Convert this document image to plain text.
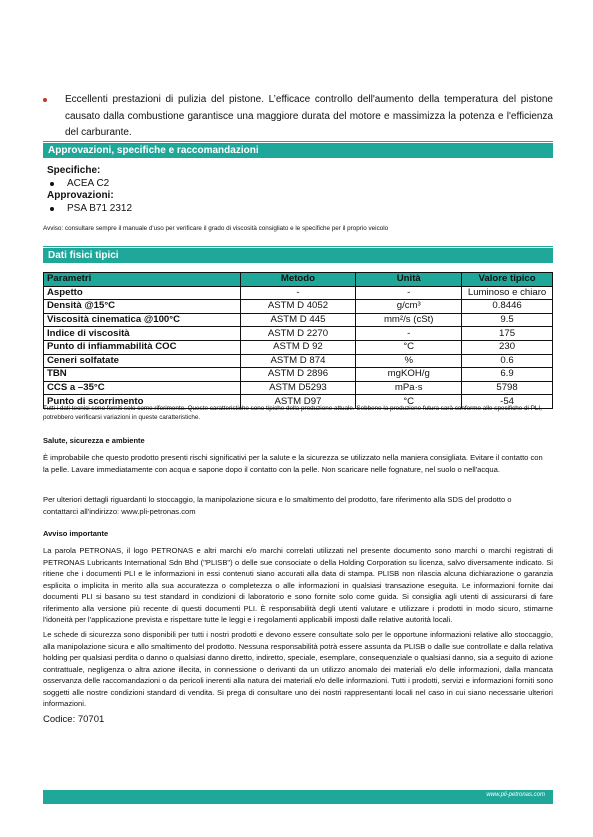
Eccellenti prestazioni di pulizia del pistone. L’efficace controllo dell'aumento della temperatura del pistone causato dalla combustione garantisce una maggiore durata del motore e massimizza la potenza e l'efficienza del carburante.
Approvazioni, specifiche e raccomandazioni
Specifiche:
ACEA C2
Approvazioni:
PSA B71 2312
Avviso: consultare sempre il manuale d'uso per verificare il grado di viscosità consigliato e le specifiche per il proprio veicolo
Dati fisici tipici
Parametri	Metodo	Unità	Valore tipico
Aspetto	-	-	Luminoso e chiaro
Densità @15°C	ASTM D 4052	g/cm³	0.8446
Viscosità cinematica @100°C	ASTM D 445	mm²/s (cSt)	9.5
Indice di viscosità	ASTM D 2270	-	175
Punto di infiammabilità COC	ASTM D 92	°C	230
Ceneri solfatate	ASTM D 874	%	0.6
TBN	ASTM D 2896	mgKOH/g	6.9
CCS a –35°C	ASTM D5293	mPa·s	5798
Punto di scorrimento	ASTM D97	°C	-54
Tutti i dati tecnici sono forniti solo come riferimento. Queste caratteristiche sono tipiche della produzione attuale. Sebbene la produzione futura sarà conforme alle specifiche di PLI, potrebbero verificarsi variazioni in queste caratteristiche.
Salute, sicurezza e ambiente
È improbabile che questo prodotto presenti rischi significativi per la salute e la sicurezza se utilizzato nella maniera consigliata. Evitare il contatto con la pelle. Lavare immediatamente con acqua e sapone dopo il contatto con la pelle. Non scaricare nelle fognature, nel suolo o nell'acqua.
Per ulteriori dettagli riguardanti lo stoccaggio, la manipolazione sicura e lo smaltimento del prodotto, fare riferimento alla SDS del prodotto o contattarci all'indirizzo: www.pli-petronas.com
Avviso importante
La parola PETRONAS, il logo PETRONAS e altri marchi e/o marchi correlati utilizzati nel presente documento sono marchi o marchi registrati di PETRONAS Lubricants International Sdn Bhd ("PLISB") o delle sue consociate o della Holding Corporation su licenza, salvo diversamente indicato. Si ritiene che i documenti PLI e le informazioni in essi contenuti siano accurati alla data di stampa. PLISB non rilascia alcuna dichiarazione o garanzia esplicita o implicita in merito alla sua accuratezza o completezza o alle informazioni in qualsiasi transazione eseguita. Le informazioni fornite dai documenti PLI si basano su test standard in condizioni di laboratorio e sono fornite solo come guida. Si consiglia agli utenti di assicurarsi di fare riferimento alla versione più recente di questi documenti PLI. È responsabilità degli utenti valutare e utilizzare i prodotti in modo sicuro, stimarne l'idoneità per l'applicazione prevista e rispettare tutte le leggi e i regolamenti applicabili imposti dalle relative autorità locali.
Le schede di sicurezza sono disponibili per tutti i nostri prodotti e devono essere consultate solo per le opportune informazioni relative allo stoccaggio, alla manipolazione sicura e allo smaltimento del prodotto. Nessuna responsabilità potrà essere assunta da PLISB o dalle sue controllate e dalla relativa holding per qualsiasi perdita o danno o qualsiasi danno diretto, indiretto, speciale, esemplare, consequenziale o qualsiasi danno, sia a seguito di azione contrattuale, negligenza o altra azione illecita, in connessione o derivanti da un utilizzo anomalo dei materiali e/o delle informazioni, dalla mancata osservanza delle raccomandazioni o da pericoli inerenti alla natura dei materiali e/o delle informazioni. Tutti i prodotti, servizi e informazioni forniti sono soggetti alle nostre condizioni standard di vendita. Si prega di consultare uno dei nostri rappresentanti locali nel caso in cui siano necessarie ulteriori informazioni.
Codice: 70701
www.pli-petronas.com
